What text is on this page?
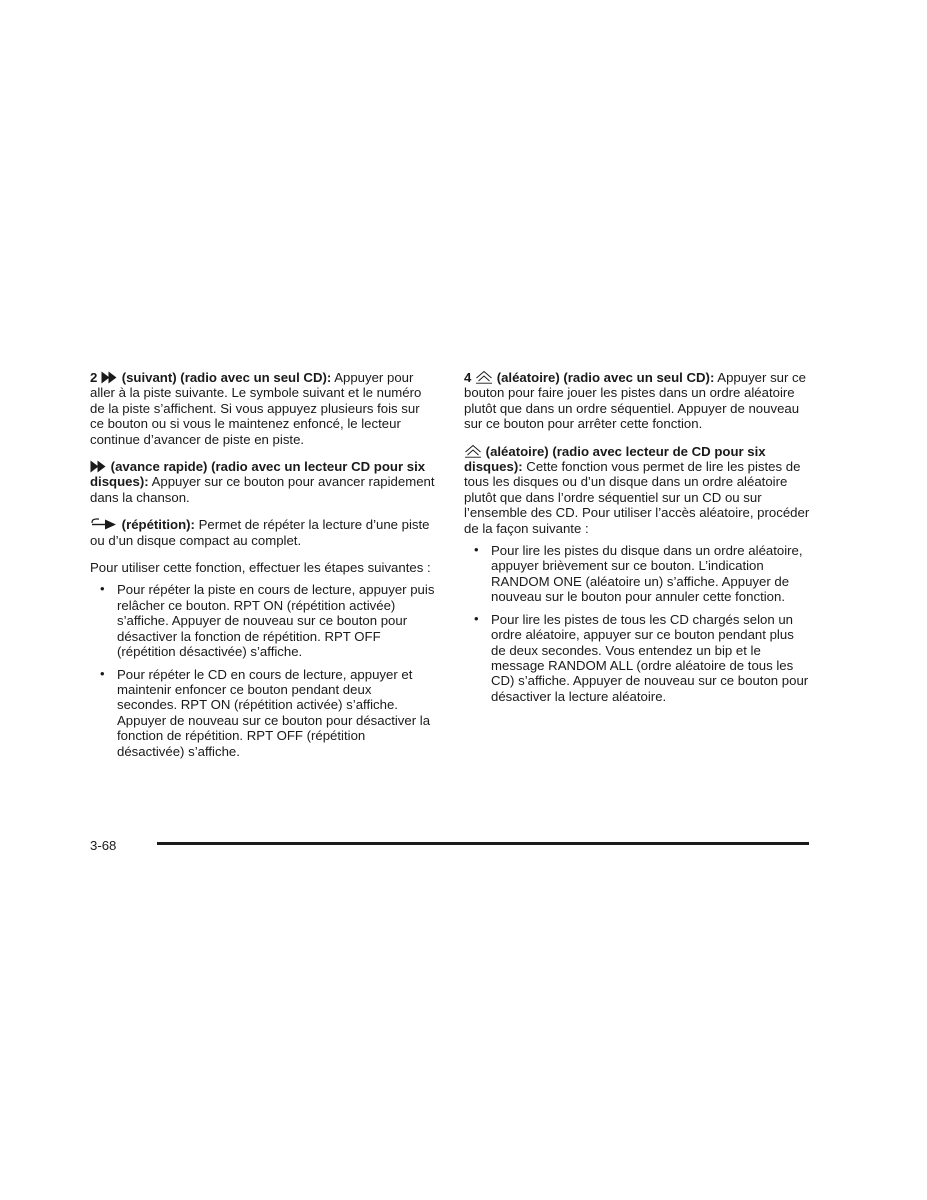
2 (suivant) (radio avec un seul CD): Appuyer pour aller à la piste suivante. Le symbole suivant et le numéro de la piste s’affichent. Si vous appuyez plusieurs fois sur ce bouton ou si vous le maintenez enfoncé, le lecteur continue d’avancer de piste en piste.

(avance rapide) (radio avec un lecteur CD pour six disques): Appuyer sur ce bouton pour avancer rapidement dans la chanson.

(répétition): Permet de répéter la lecture d’une piste ou d’un disque compact au complet.

Pour utiliser cette fonction, effectuer les étapes suivantes :

• Pour répéter la piste en cours de lecture, appuyer puis relâcher ce bouton. RPT ON (répétition activée) s’affiche. Appuyer de nouveau sur ce bouton pour désactiver la fonction de répétition. RPT OFF (répétition désactivée) s’affiche.
• Pour répéter le CD en cours de lecture, appuyer et maintenir enfoncer ce bouton pendant deux secondes. RPT ON (répétition activée) s’affiche. Appuyer de nouveau sur ce bouton pour désactiver la fonction de répétition. RPT OFF (répétition désactivée) s’affiche.

4 (aléatoire) (radio avec un seul CD): Appuyer sur ce bouton pour faire jouer les pistes dans un ordre aléatoire plutôt que dans un ordre séquentiel. Appuyer de nouveau sur ce bouton pour arrêter cette fonction.

(aléatoire) (radio avec lecteur de CD pour six disques): Cette fonction vous permet de lire les pistes de tous les disques ou d’un disque dans un ordre aléatoire plutôt que dans l’ordre séquentiel sur un CD ou sur l’ensemble des CD. Pour utiliser l’accès aléatoire, procéder de la façon suivante :

• Pour lire les pistes du disque dans un ordre aléatoire, appuyer brièvement sur ce bouton. L’indication RANDOM ONE (aléatoire un) s’affiche. Appuyer de nouveau sur le bouton pour annuler cette fonction.
• Pour lire les pistes de tous les CD chargés selon un ordre aléatoire, appuyer sur ce bouton pendant plus de deux secondes. Vous entendez un bip et le message RANDOM ALL (ordre aléatoire de tous les CD) s’affiche. Appuyer de nouveau sur ce bouton pour désactiver la lecture aléatoire.
3-68
